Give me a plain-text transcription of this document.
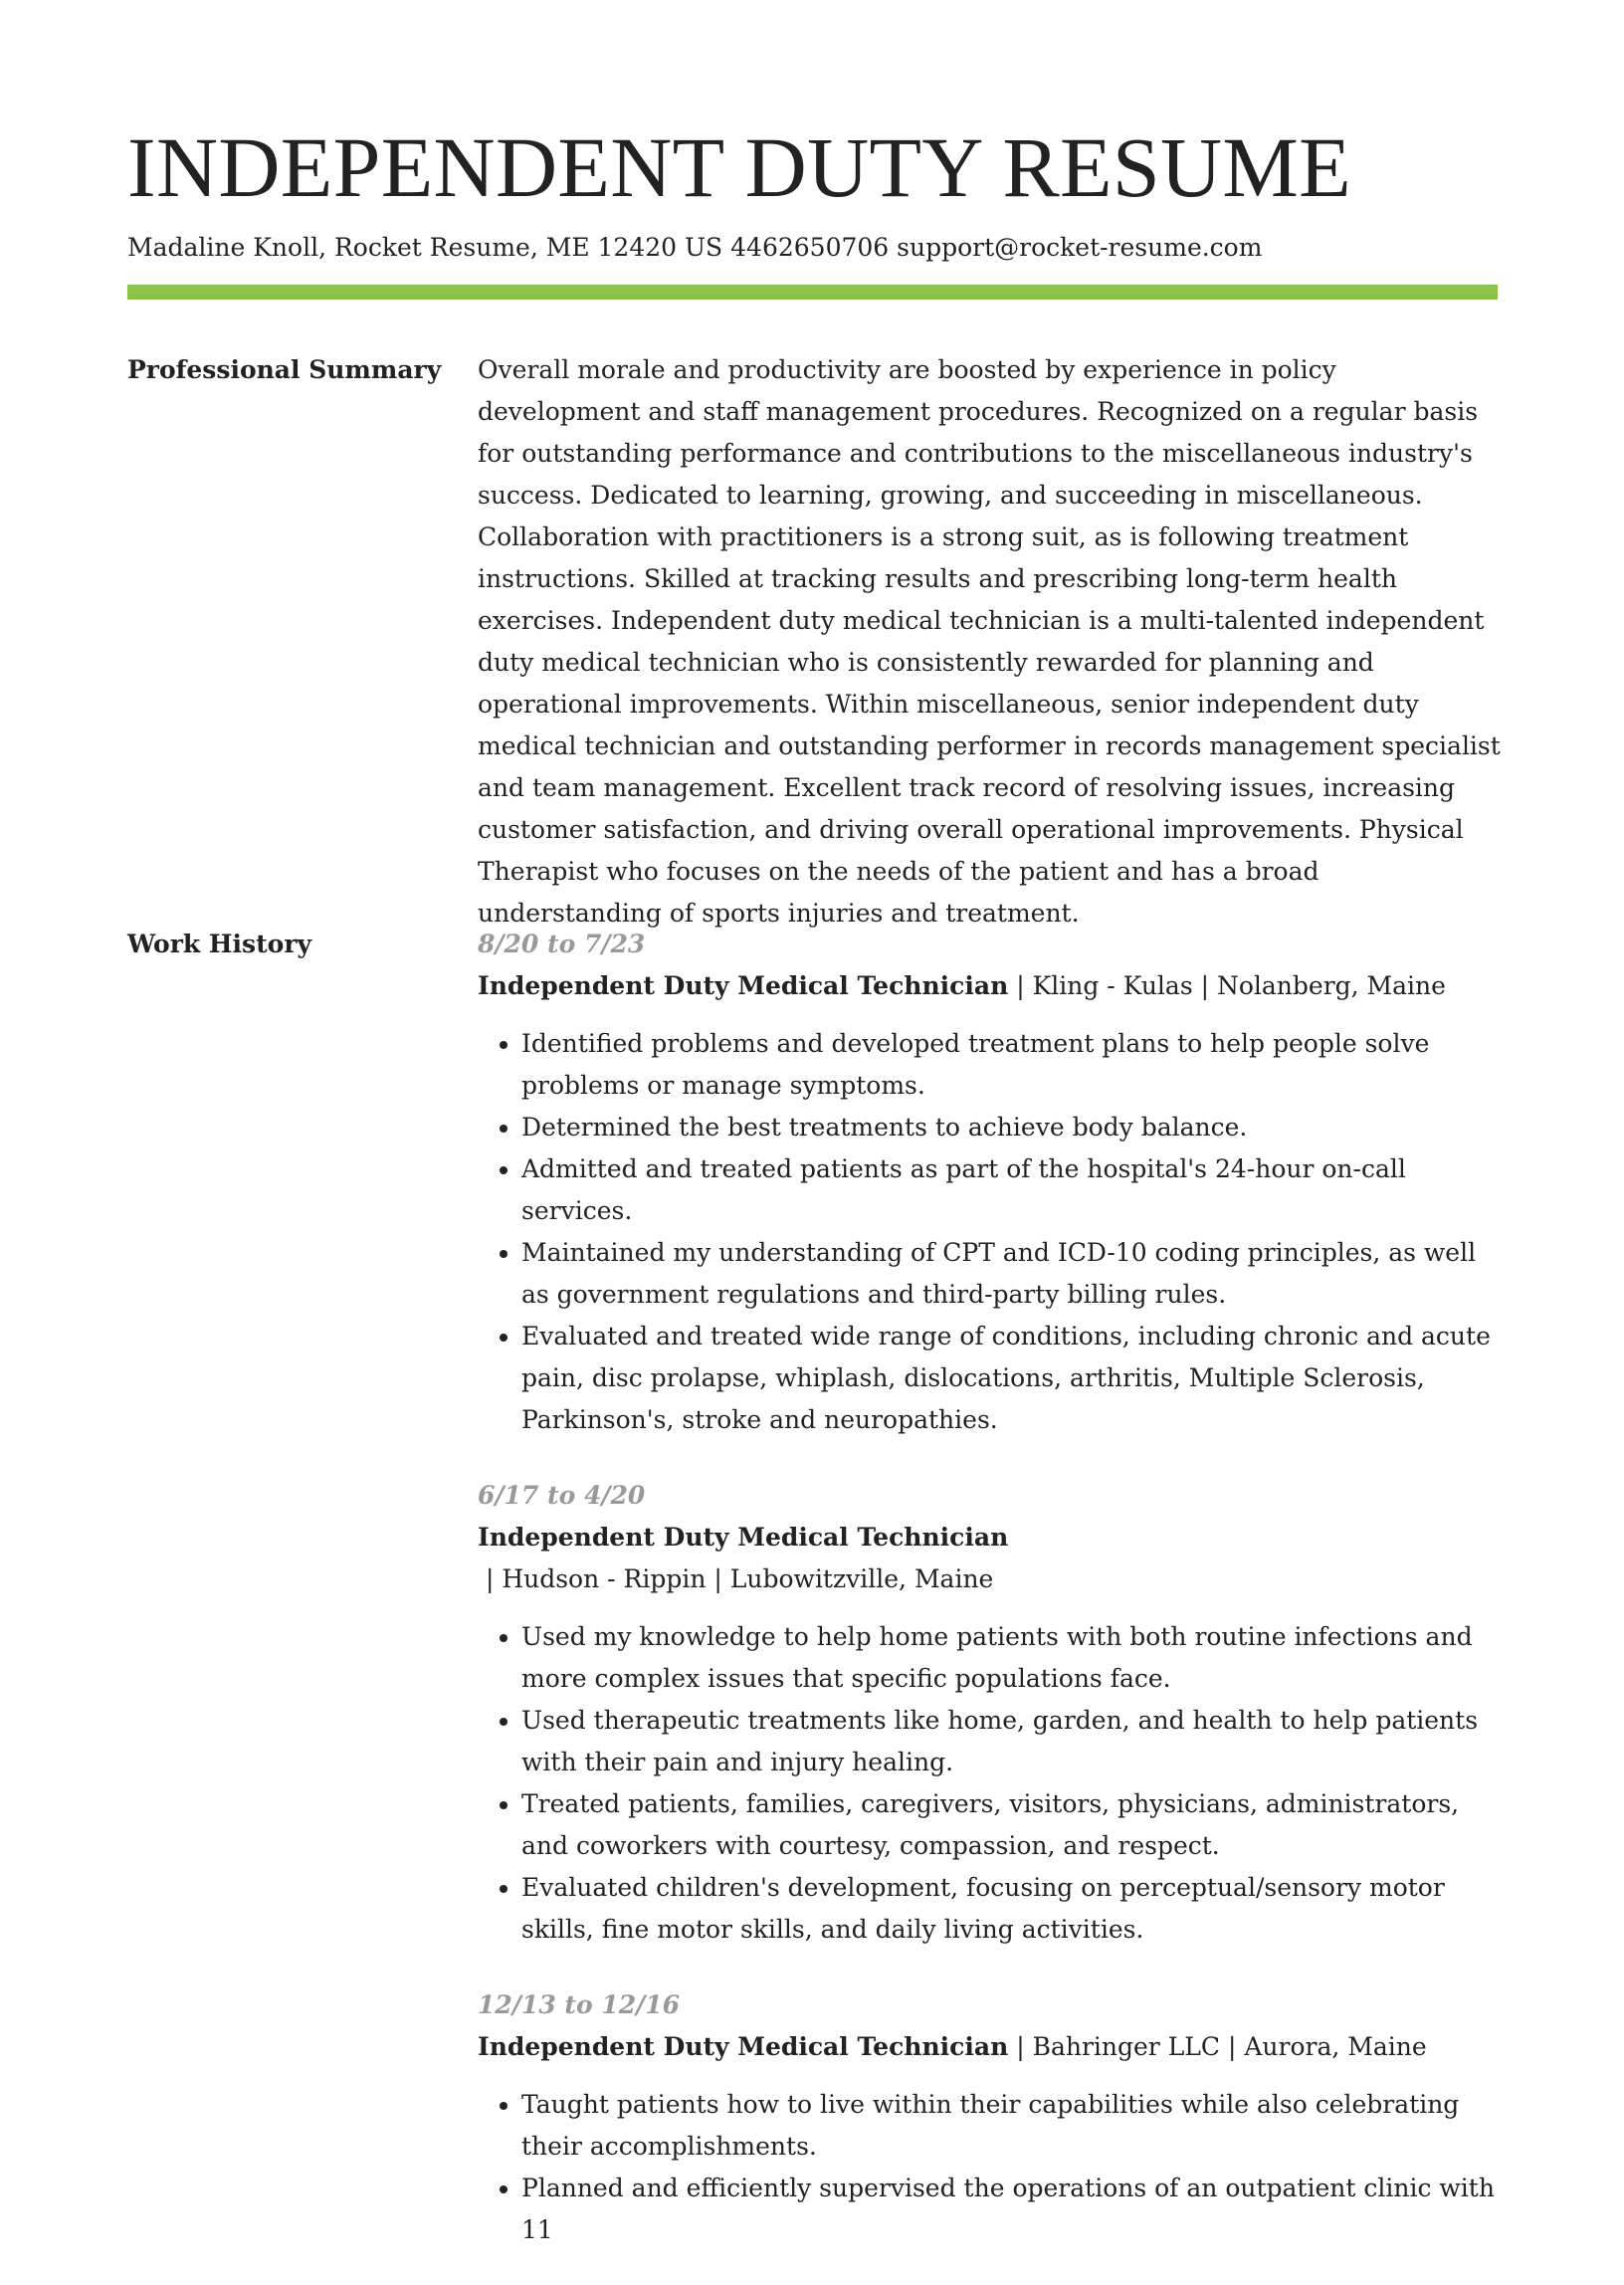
INDEPENDENT DUTY RESUME
Madaline Knoll, Rocket Resume, ME 12420 US 4462650706 support@rocket-resume.com
Professional Summary Overall morale and productivity are boosted by experience in policy development and staff management procedures. Recognized on a regular basis for outstanding performance and contributions to the miscellaneous industry's success. Dedicated to learning, growing, and succeeding in miscellaneous. Collaboration with practitioners is a strong suit, as is following treatment instructions. Skilled at tracking results and prescribing long-term health exercises. Independent duty medical technician is a multi-talented independent duty medical technician who is consistently rewarded for planning and operational improvements. Within miscellaneous, senior independent duty medical technician and outstanding performer in records management specialist and team management. Excellent track record of resolving issues, increasing customer satisfaction, and driving overall operational improvements. Physical Therapist who focuses on the needs of the patient and has a broad understanding of sports injuries and treatment.

Work History	8/20 to 7/23
Independent Duty Medical Technician | Kling - Kulas | Nolanberg, Maine
• Identified problems and developed treatment plans to help people solve problems or manage symptoms.
• Determined the best treatments to achieve body balance.
• Admitted and treated patients as part of the hospital's 24-hour on-call services.
• Maintained my understanding of CPT and ICD-10 coding principles, as well as government regulations and third-party billing rules.
• Evaluated and treated wide range of conditions, including chronic and acute pain, disc prolapse, whiplash, dislocations, arthritis, Multiple Sclerosis, Parkinson's, stroke and neuropathies.
6/17 to 4/20
Independent Duty Medical Technician | Hudson - Rippin | Lubowitzville, Maine
• Used my knowledge to help home patients with both routine infections and more complex issues that specific populations face.
• Used therapeutic treatments like home, garden, and health to help patients with their pain and injury healing.
• Treated patients, families, caregivers, visitors, physicians, administrators, and coworkers with courtesy, compassion, and respect.
• Evaluated children's development, focusing on perceptual/sensory motor skills, fine motor skills, and daily living activities.
12/13 to 12/16
Independent Duty Medical Technician | Bahringer LLC | Aurora, Maine
• Taught patients how to live within their capabilities while also celebrating their accomplishments.
• Planned and efficiently supervised the operations of an outpatient clinic with 11
